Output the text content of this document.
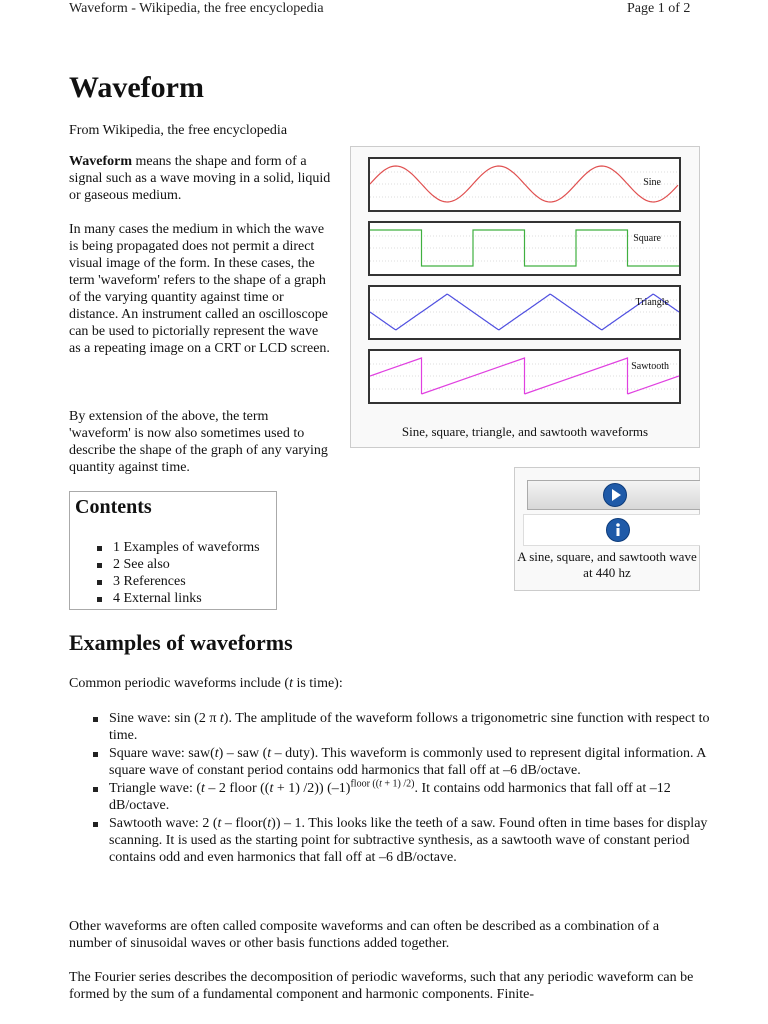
Waveform - Wikipedia, the free encyclopedia	Page 1 of 2
Waveform

From Wikipedia, the free encyclopedia

Waveform means the shape and form of a signal such as a wave moving in a solid, liquid or gaseous medium.

In many cases the medium in which the wave is being propagated does not permit a direct visual image of the form. In these cases, the term 'waveform' refers to the shape of a graph of the varying quantity against time or distance. An instrument called an oscilloscope can be used to pictorially represent the wave as a repeating image on a CRT or LCD screen.

By extension of the above, the term 'waveform' is now also sometimes used to describe the shape of the graph of any varying quantity against time.

Sine
Square
Triangle
Sawtooth
Sine, square, triangle, and sawtooth waveforms
A sine, square, and sawtooth wave at 440 hz
Contents
1 Examples of waveforms
2 See also
3 References
4 External links
Examples of waveforms

Common periodic waveforms include (t is time):

Sine wave: sin (2 π t). The amplitude of the waveform follows a trigonometric sine function with respect to time.
Square wave: saw(t) – saw (t – duty). This waveform is commonly used to represent digital information. A square wave of constant period contains odd harmonics that fall off at –6 dB/octave.
Triangle wave: (t – 2 floor ((t + 1) /2)) $(-1)^{floor ((t + 1) /2)}$. It contains odd harmonics that fall off at –12 dB/octave.
Sawtooth wave: 2 (t – floor(t)) – 1. This looks like the teeth of a saw. Found often in time bases for display scanning. It is used as the starting point for subtractive synthesis, as a sawtooth wave of constant period contains odd and even harmonics that fall off at –6 dB/octave.

Other waveforms are often called composite waveforms and can often be described as a combination of a number of sinusoidal waves or other basis functions added together.

The Fourier series describes the decomposition of periodic waveforms, such that any periodic waveform can be formed by the sum of a fundamental component and harmonic components. Finite-
